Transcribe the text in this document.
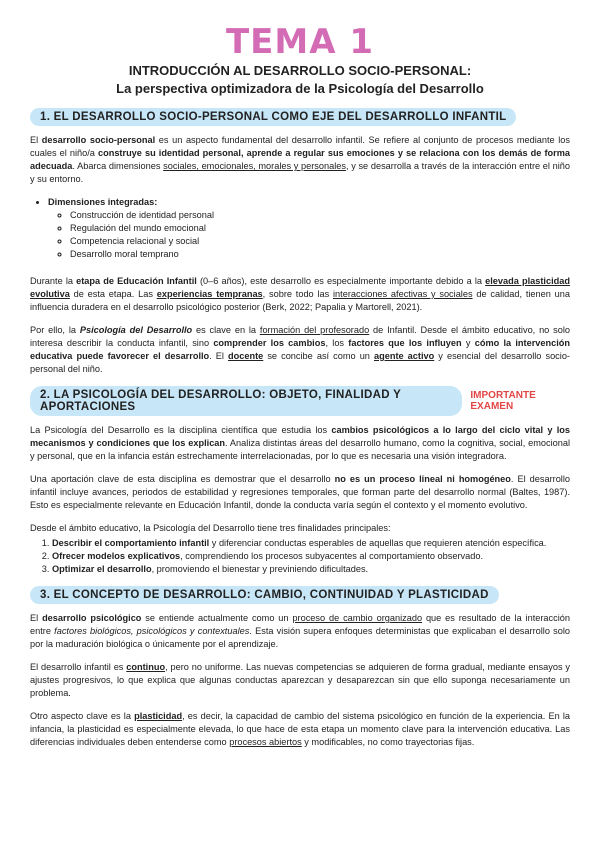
TEMA 1
INTRODUCCIÓN AL DESARROLLO SOCIO-PERSONAL:
La perspectiva optimizadora de la Psicología del Desarrollo
1. EL DESARROLLO SOCIO-PERSONAL COMO EJE DEL DESARROLLO INFANTIL

El desarrollo socio-personal es un aspecto fundamental del desarrollo infantil. Se refiere al conjunto de procesos mediante los cuales el niño/a construye su identidad personal, aprende a regular sus emociones y se relaciona con los demás de forma adecuada. Abarca dimensiones sociales, emocionales, morales y personales, y se desarrolla a través de la interacción entre el niño y su entorno.

• Dimensiones integradas:
◦ Construcción de identidad personal
◦ Regulación del mundo emocional
◦ Competencia relacional y social
◦ Desarrollo moral temprano

Durante la etapa de Educación Infantil (0–6 años), este desarrollo es especialmente importante debido a la elevada plasticidad evolutiva de esta etapa. Las experiencias tempranas, sobre todo las interacciones afectivas y sociales de calidad, tienen una influencia duradera en el desarrollo psicológico posterior (Berk, 2022; Papalia y Martorell, 2021).

Por ello, la Psicología del Desarrollo es clave en la formación del profesorado de Infantil. Desde el ámbito educativo, no solo interesa describir la conducta infantil, sino comprender los cambios, los factores que los influyen y cómo la intervención educativa puede favorecer el desarrollo. El docente se concibe así como un agente activo y esencial del desarrollo socio-personal del niño.

2. LA PSICOLOGÍA DEL DESARROLLO: OBJETO, FINALIDAD Y APORTACIONES
IMPORTANTE EXAMEN

La Psicología del Desarrollo es la disciplina científica que estudia los cambios psicológicos a lo largo del ciclo vital y los mecanismos y condiciones que los explican. Analiza distintas áreas del desarrollo humano, como la cognitiva, social, emocional y personal, que en la infancia están estrechamente interrelacionadas, por lo que es necesaria una visión integradora.

Una aportación clave de esta disciplina es demostrar que el desarrollo no es un proceso lineal ni homogéneo. El desarrollo infantil incluye avances, periodos de estabilidad y regresiones temporales, que forman parte del desarrollo normal (Baltes, 1987). Esto es especialmente relevante en Educación Infantil, donde la conducta varía según el contexto y el momento evolutivo.

Desde el ámbito educativo, la Psicología del Desarrollo tiene tres finalidades principales:

1. Describir el comportamiento infantil y diferenciar conductas esperables de aquellas que requieren atención específica.
2. Ofrecer modelos explicativos, comprendiendo los procesos subyacentes al comportamiento observado.
3. Optimizar el desarrollo, promoviendo el bienestar y previniendo dificultades.
3. EL CONCEPTO DE DESARROLLO: CAMBIO, CONTINUIDAD Y PLASTICIDAD

El desarrollo psicológico se entiende actualmente como un proceso de cambio organizado que es resultado de la interacción entre factores biológicos, psicológicos y contextuales. Esta visión supera enfoques deterministas que explicaban el desarrollo solo por la maduración biológica o únicamente por el aprendizaje.

El desarrollo infantil es continuo, pero no uniforme. Las nuevas competencias se adquieren de forma gradual, mediante ensayos y ajustes progresivos, lo que explica que algunas conductas aparezcan y desaparezcan sin que ello suponga necesariamente un problema.

Otro aspecto clave es la plasticidad, es decir, la capacidad de cambio del sistema psicológico en función de la experiencia. En la infancia, la plasticidad es especialmente elevada, lo que hace de esta etapa un momento clave para la intervención educativa. Las diferencias individuales deben entenderse como procesos abiertos y modificables, no como trayectorias fijas.
